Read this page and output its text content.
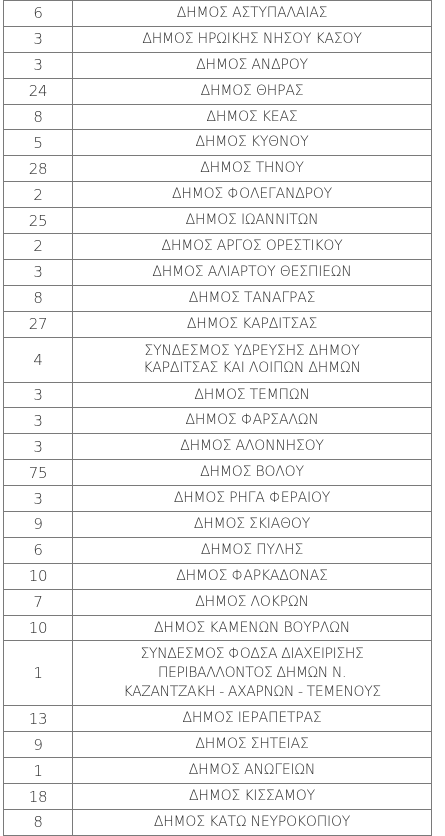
6	ΔΗΜΟΣ ΑΣΤΥΠΑΛΑΙΑΣ
3	ΔΗΜΟΣ ΗΡΩΙΚΗΣ ΝΗΣΟΥ ΚΑΣΟΥ
3	ΔΗΜΟΣ ΑΝΔΡΟΥ
24	ΔΗΜΟΣ ΘΗΡΑΣ
8	ΔΗΜΟΣ ΚΕΑΣ
5	ΔΗΜΟΣ ΚΥΘΝΟΥ
28	ΔΗΜΟΣ ΤΗΝΟΥ
2	ΔΗΜΟΣ ΦΟΛΕΓΑΝΔΡΟΥ
25	ΔΗΜΟΣ ΙΩΑΝΝΙΤΩΝ
2	ΔΗΜΟΣ ΑΡΓΟΣ ΟΡΕΣΤΙΚΟΥ
3	ΔΗΜΟΣ ΑΛΙΑΡΤΟΥ ΘΕΣΠΙΕΩΝ
8	ΔΗΜΟΣ ΤΑΝΑΓΡΑΣ
27	ΔΗΜΟΣ ΚΑΡΔΙΤΣΑΣ
4	ΣΥΝΔΕΣΜΟΣ ΥΔΡΕΥΣΗΣ ΔΗΜΟΥ
ΚΑΡΔΙΤΣΑΣ ΚΑΙ ΛΟΙΠΩΝ ΔΗΜΩΝ

3	ΔΗΜΟΣ ΤΕΜΠΩΝ
3	ΔΗΜΟΣ ΦΑΡΣΑΛΩΝ
3	ΔΗΜΟΣ ΑΛΟΝΝΗΣΟΥ
75	ΔΗΜΟΣ ΒΟΛΟΥ
3	ΔΗΜΟΣ ΡΗΓΑ ΦΕΡΑΙΟΥ
9	ΔΗΜΟΣ ΣΚΙΑΘΟΥ
6	ΔΗΜΟΣ ΠΥΛΗΣ
10	ΔΗΜΟΣ ΦΑΡΚΑΔΟΝΑΣ
7	ΔΗΜΟΣ ΛΟΚΡΩΝ
10	ΔΗΜΟΣ ΚΑΜΕΝΩΝ ΒΟΥΡΛΩΝ
1	ΣΥΝΔΕΣΜΟΣ ΦΟΔΣΑ ΔΙΑΧΕΙΡΙΣΗΣ
ΠΕΡΙΒΑΛΛΟΝΤΟΣ ΔΗΜΩΝ Ν.
ΚΑΖΑΝΤΖΑΚΗ - ΑΧΑΡΝΩΝ - ΤΕΜΕΝΟΥΣ

13	ΔΗΜΟΣ ΙΕΡΑΠΕΤΡΑΣ
9	ΔΗΜΟΣ ΣΗΤΕΙΑΣ
1	ΔΗΜΟΣ ΑΝΩΓΕΙΩΝ
18	ΔΗΜΟΣ ΚΙΣΣΑΜΟΥ
8	ΔΗΜΟΣ ΚΑΤΩ ΝΕΥΡΟΚΟΠΙΟΥ
